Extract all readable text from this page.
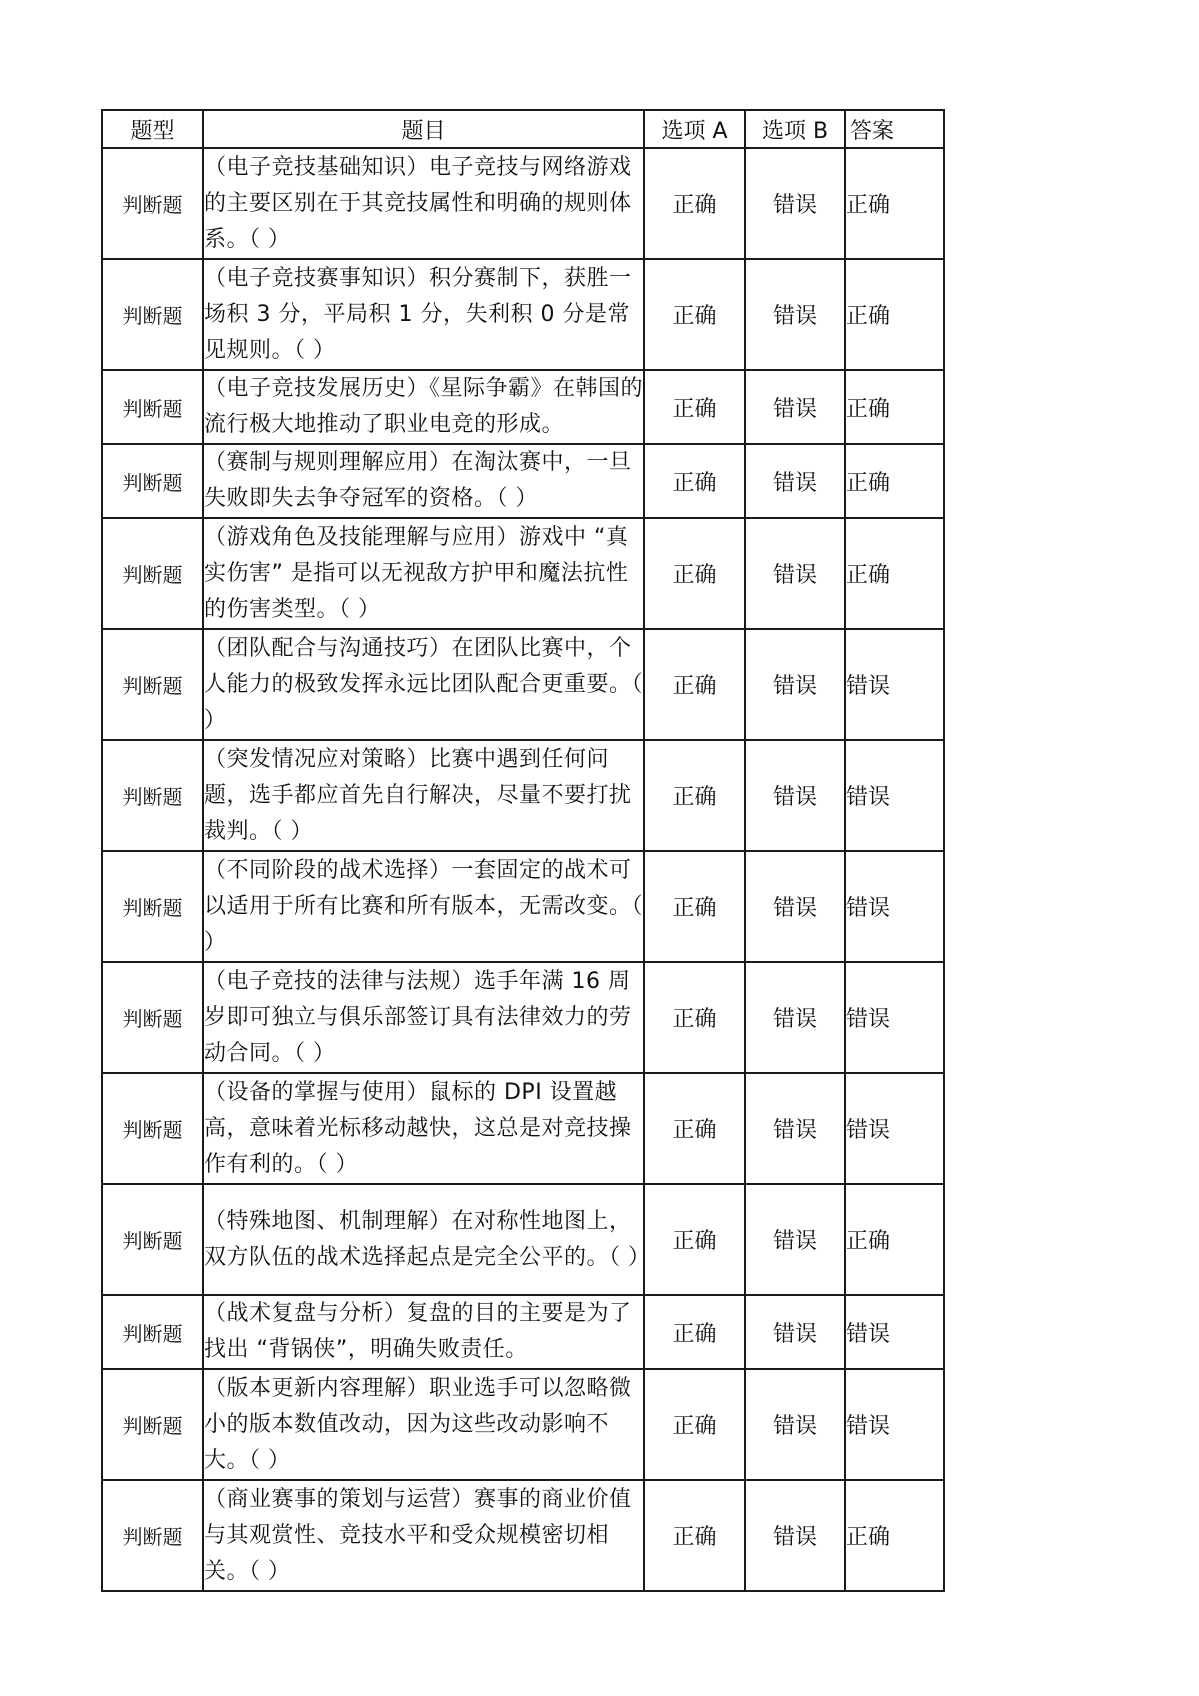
题型	题目	选项 A	选项 B	答案
判断题	（电子竞技基础知识）电子竞技与网络游戏的主要区别在于其竞技属性和明确的规则体系。（ ）	正确	错误	正确
判断题	（电子竞技赛事知识）积分赛制下，获胜一场积 3 分，平局积 1 分，失利积 0 分是常见规则。（ ）	正确	错误	正确
判断题	（电子竞技发展历史）《星际争霸》在韩国的流行极大地推动了职业电竞的形成。	正确	错误	正确
判断题	（赛制与规则理解应用）在淘汰赛中，一旦失败即失去争夺冠军的资格。（ ）	正确	错误	正确
判断题	（游戏角色及技能理解与应用）游戏中 “真实伤害” 是指可以无视敌方护甲和魔法抗性的伤害类型。（ ）	正确	错误	正确
判断题	（团队配合与沟通技巧）在团队比赛中，个人能力的极致发挥永远比团队配合更重要。（ ）	正确	错误	错误
判断题	（突发情况应对策略）比赛中遇到任何问题，选手都应首先自行解决，尽量不要打扰裁判。（ ）	正确	错误	错误
判断题	（不同阶段的战术选择）一套固定的战术可以适用于所有比赛和所有版本，无需改变。（ ）	正确	错误	错误
判断题	（电子竞技的法律与法规）选手年满 16 周岁即可独立与俱乐部签订具有法律效力的劳动合同。（ ）	正确	错误	错误
判断题	（设备的掌握与使用）鼠标的 DPI 设置越高，意味着光标移动越快，这总是对竞技操作有利的。（ ）	正确	错误	错误
判断题	（特殊地图、机制理解）在对称性地图上，双方队伍的战术选择起点是完全公平的。（ ）	正确	错误	正确
判断题	（战术复盘与分析）复盘的目的主要是为了找出 “背锅侠”，明确失败责任。	正确	错误	错误
判断题	（版本更新内容理解）职业选手可以忽略微小的版本数值改动，因为这些改动影响不大。（ ）	正确	错误	错误
判断题	（商业赛事的策划与运营）赛事的商业价值与其观赏性、竞技水平和受众规模密切相关。（ ）	正确	错误	正确
